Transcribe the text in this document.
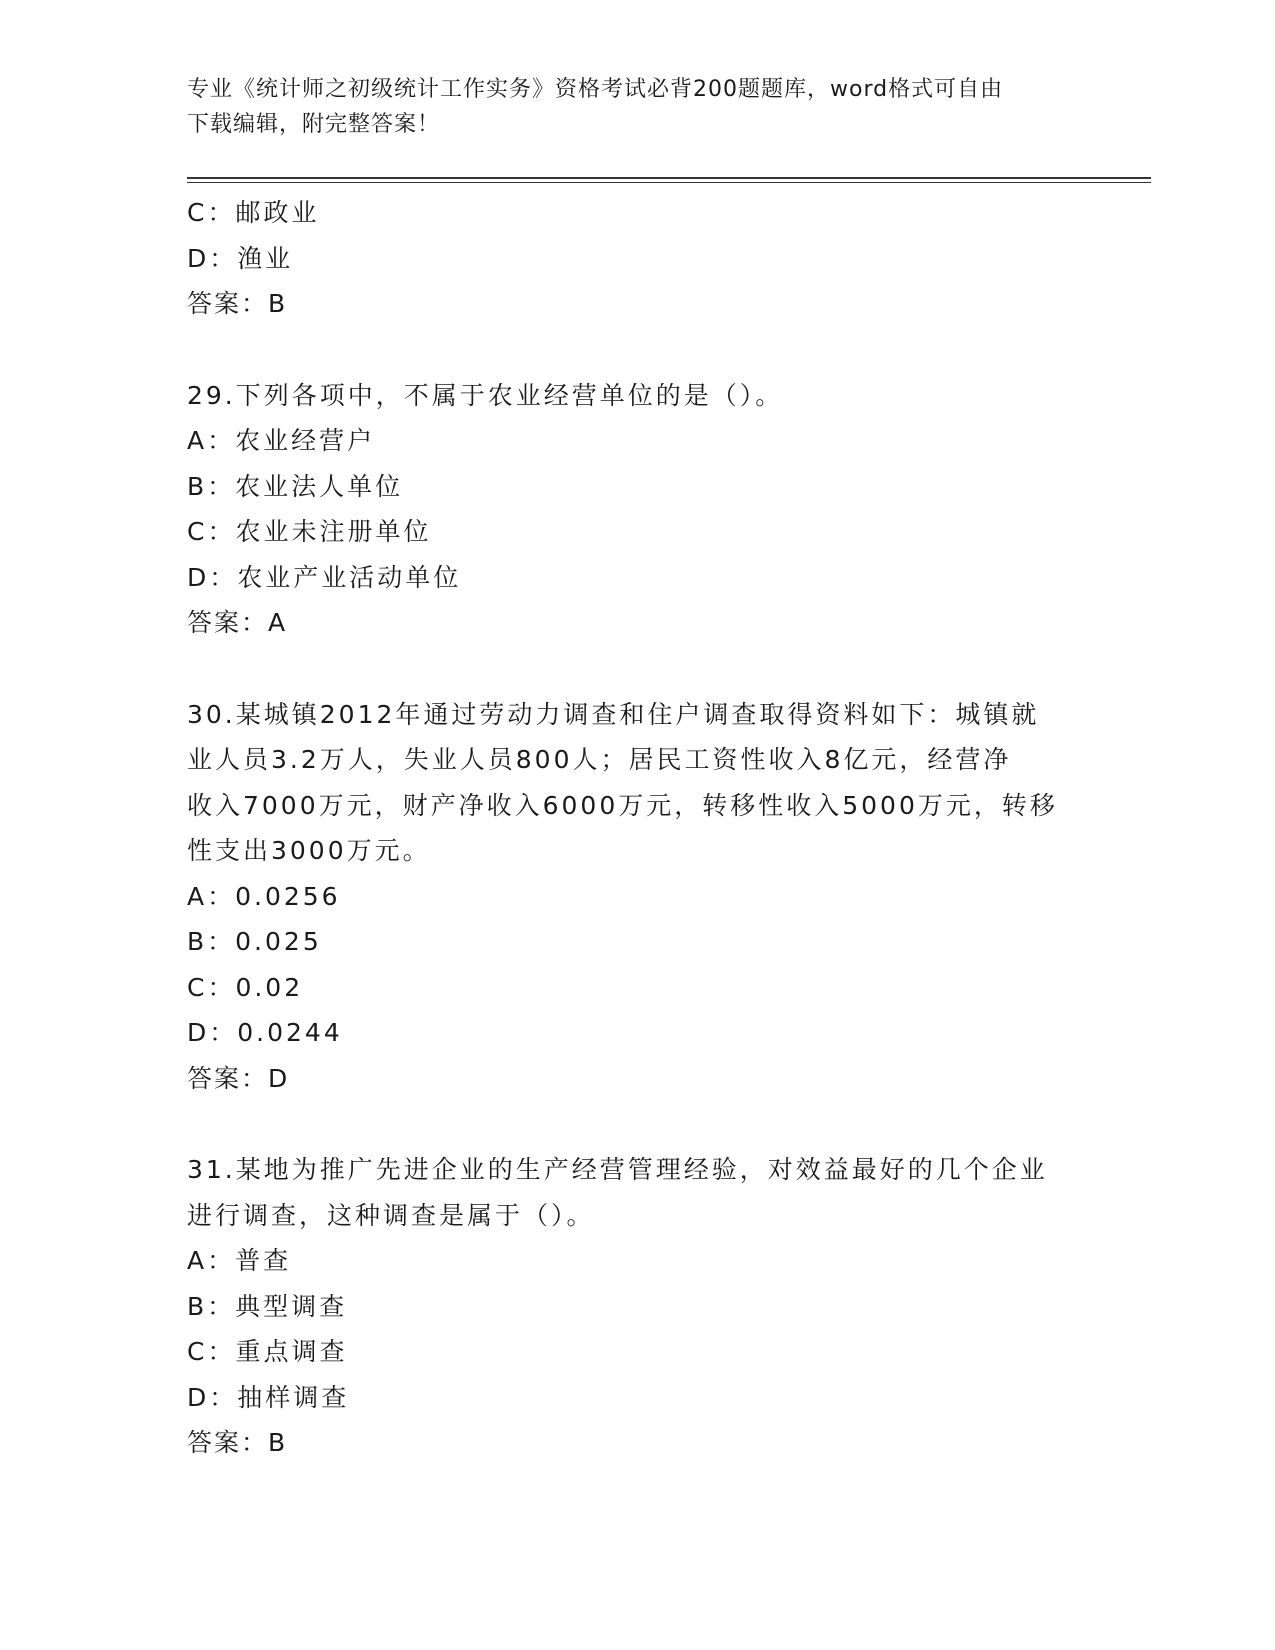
专业《统计师之初级统计工作实务》资格考试必背200题题库，word格式可自由
下载编辑，附完整答案！
C：邮政业
D：渔业
答案：B
29.下列各项中，不属于农业经营单位的是（）。
A：农业经营户
B：农业法人单位
C：农业未注册单位
D：农业产业活动单位
答案：A
30.某城镇2012年通过劳动力调查和住户调查取得资料如下：城镇就
业人员3.2万人，失业人员800人；居民工资性收入8亿元，经营净
收入7000万元，财产净收入6000万元，转移性收入5000万元，转移
性支出3000万元。
A：0.0256
B：0.025
C：0.02
D：0.0244
答案：D
31.某地为推广先进企业的生产经营管理经验，对效益最好的几个企业
进行调查，这种调查是属于（）。
A：普查
B：典型调查
C：重点调查
D：抽样调查
答案：B
